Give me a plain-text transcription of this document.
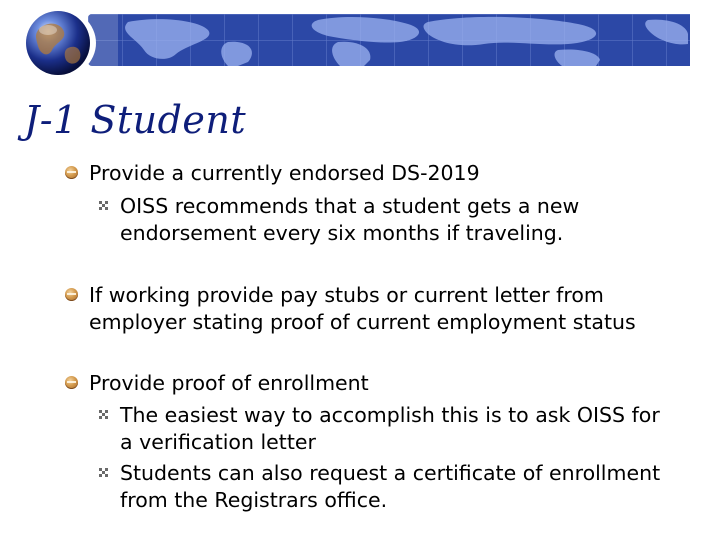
J-1 Student
Provide a currently endorsed DS-2019
OISS recommends that a student gets a new
endorsement every six months if traveling.
If working provide pay stubs or current letter from
employer stating proof of current employment status
Provide proof of enrollment
The easiest way to accomplish this is to ask OISS for
a verification letter
Students can also request a certificate of enrollment
from the Registrars office.
